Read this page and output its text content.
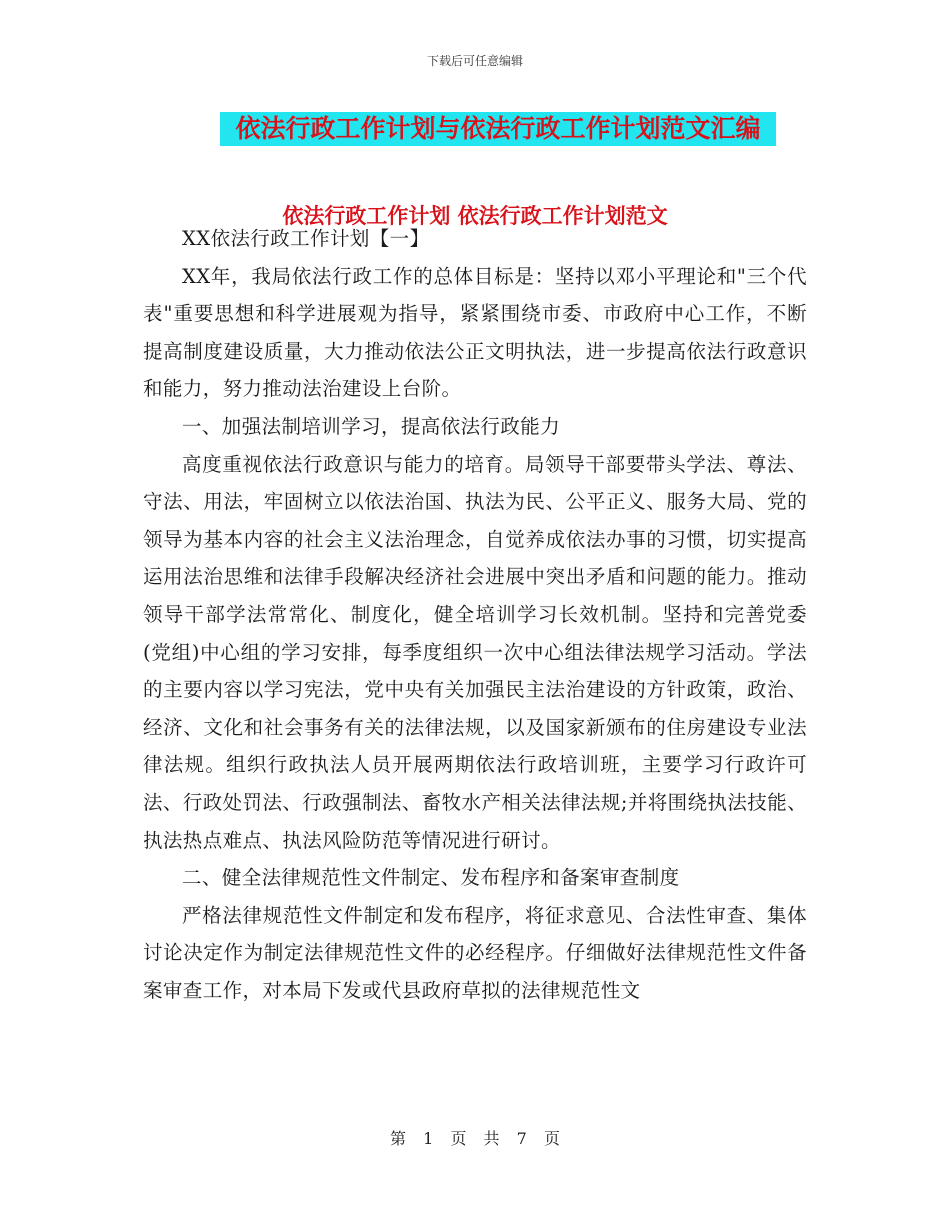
下载后可任意编辑
依法行政工作计划与依法行政工作计划范文汇编
依法行政工作计划 依法行政工作计划范文

XX依法行政工作计划【一】

XX年，我局依法行政工作的总体目标是：坚持以邓小平理论和"三个代表"重要思想和科学进展观为指导，紧紧围绕市委、市政府中心工作，不断提高制度建设质量，大力推动依法公正文明执法，进一步提高依法行政意识和能力，努力推动法治建设上台阶。

一、加强法制培训学习，提高依法行政能力

高度重视依法行政意识与能力的培育。局领导干部要带头学法、尊法、守法、用法，牢固树立以依法治国、执法为民、公平正义、服务大局、党的领导为基本内容的社会主义法治理念，自觉养成依法办事的习惯，切实提高运用法治思维和法律手段解决经济社会进展中突出矛盾和问题的能力。推动领导干部学法常常化、制度化，健全培训学习长效机制。坚持和完善党委(党组)中心组的学习安排，每季度组织一次中心组法律法规学习活动。学法的主要内容以学习宪法，党中央有关加强民主法治建设的方针政策，政治、经济、文化和社会事务有关的法律法规，以及国家新颁布的住房建设专业法律法规。组织行政执法人员开展两期依法行政培训班，主要学习行政许可法、行政处罚法、行政强制法、畜牧水产相关法律法规;并将围绕执法技能、执法热点难点、执法风险防范等情况进行研讨。

二、健全法律规范性文件制定、发布程序和备案审查制度

严格法律规范性文件制定和发布程序，将征求意见、合法性审查、集体讨论决定作为制定法律规范性文件的必经程序。仔细做好法律规范性文件备案审查工作，对本局下发或代县政府草拟的法律规范性文

第 1 页 共 7 页
